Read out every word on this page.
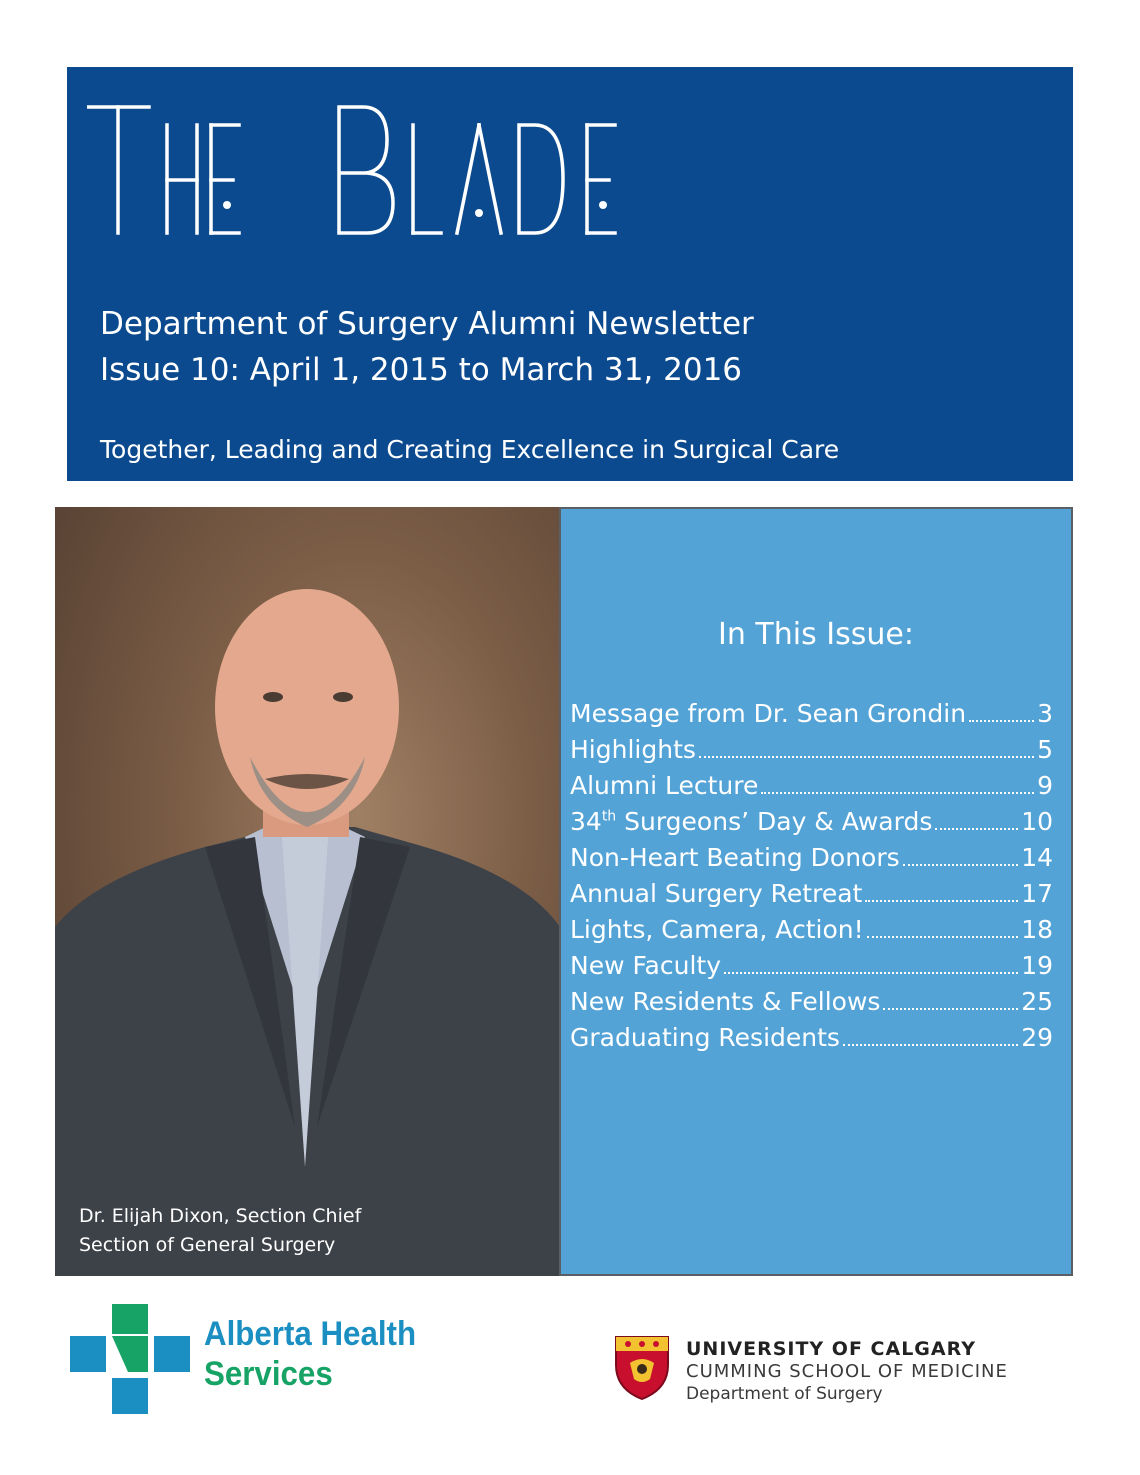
Department of Surgery Alumni Newsletter
Issue 10: April 1, 2015 to March 31, 2016
Together, Leading and Creating Excellence in Surgical Care
Dr. Elijah Dixon, Section Chief
Section of General Surgery
In This Issue:
Message from Dr. Sean Grondin	3
Highlights	5
Alumni Lecture	9
34th Surgeons’ Day & Awards	10
Non-Heart Beating Donors	14
Annual Surgery Retreat	17
Lights, Camera, Action!	18
New Faculty	19
New Residents & Fellows	25
Graduating Residents	29
Alberta Health
Services
UNIVERSITY OF CALGARY
CUMMING SCHOOL OF MEDICINE
Department of Surgery
